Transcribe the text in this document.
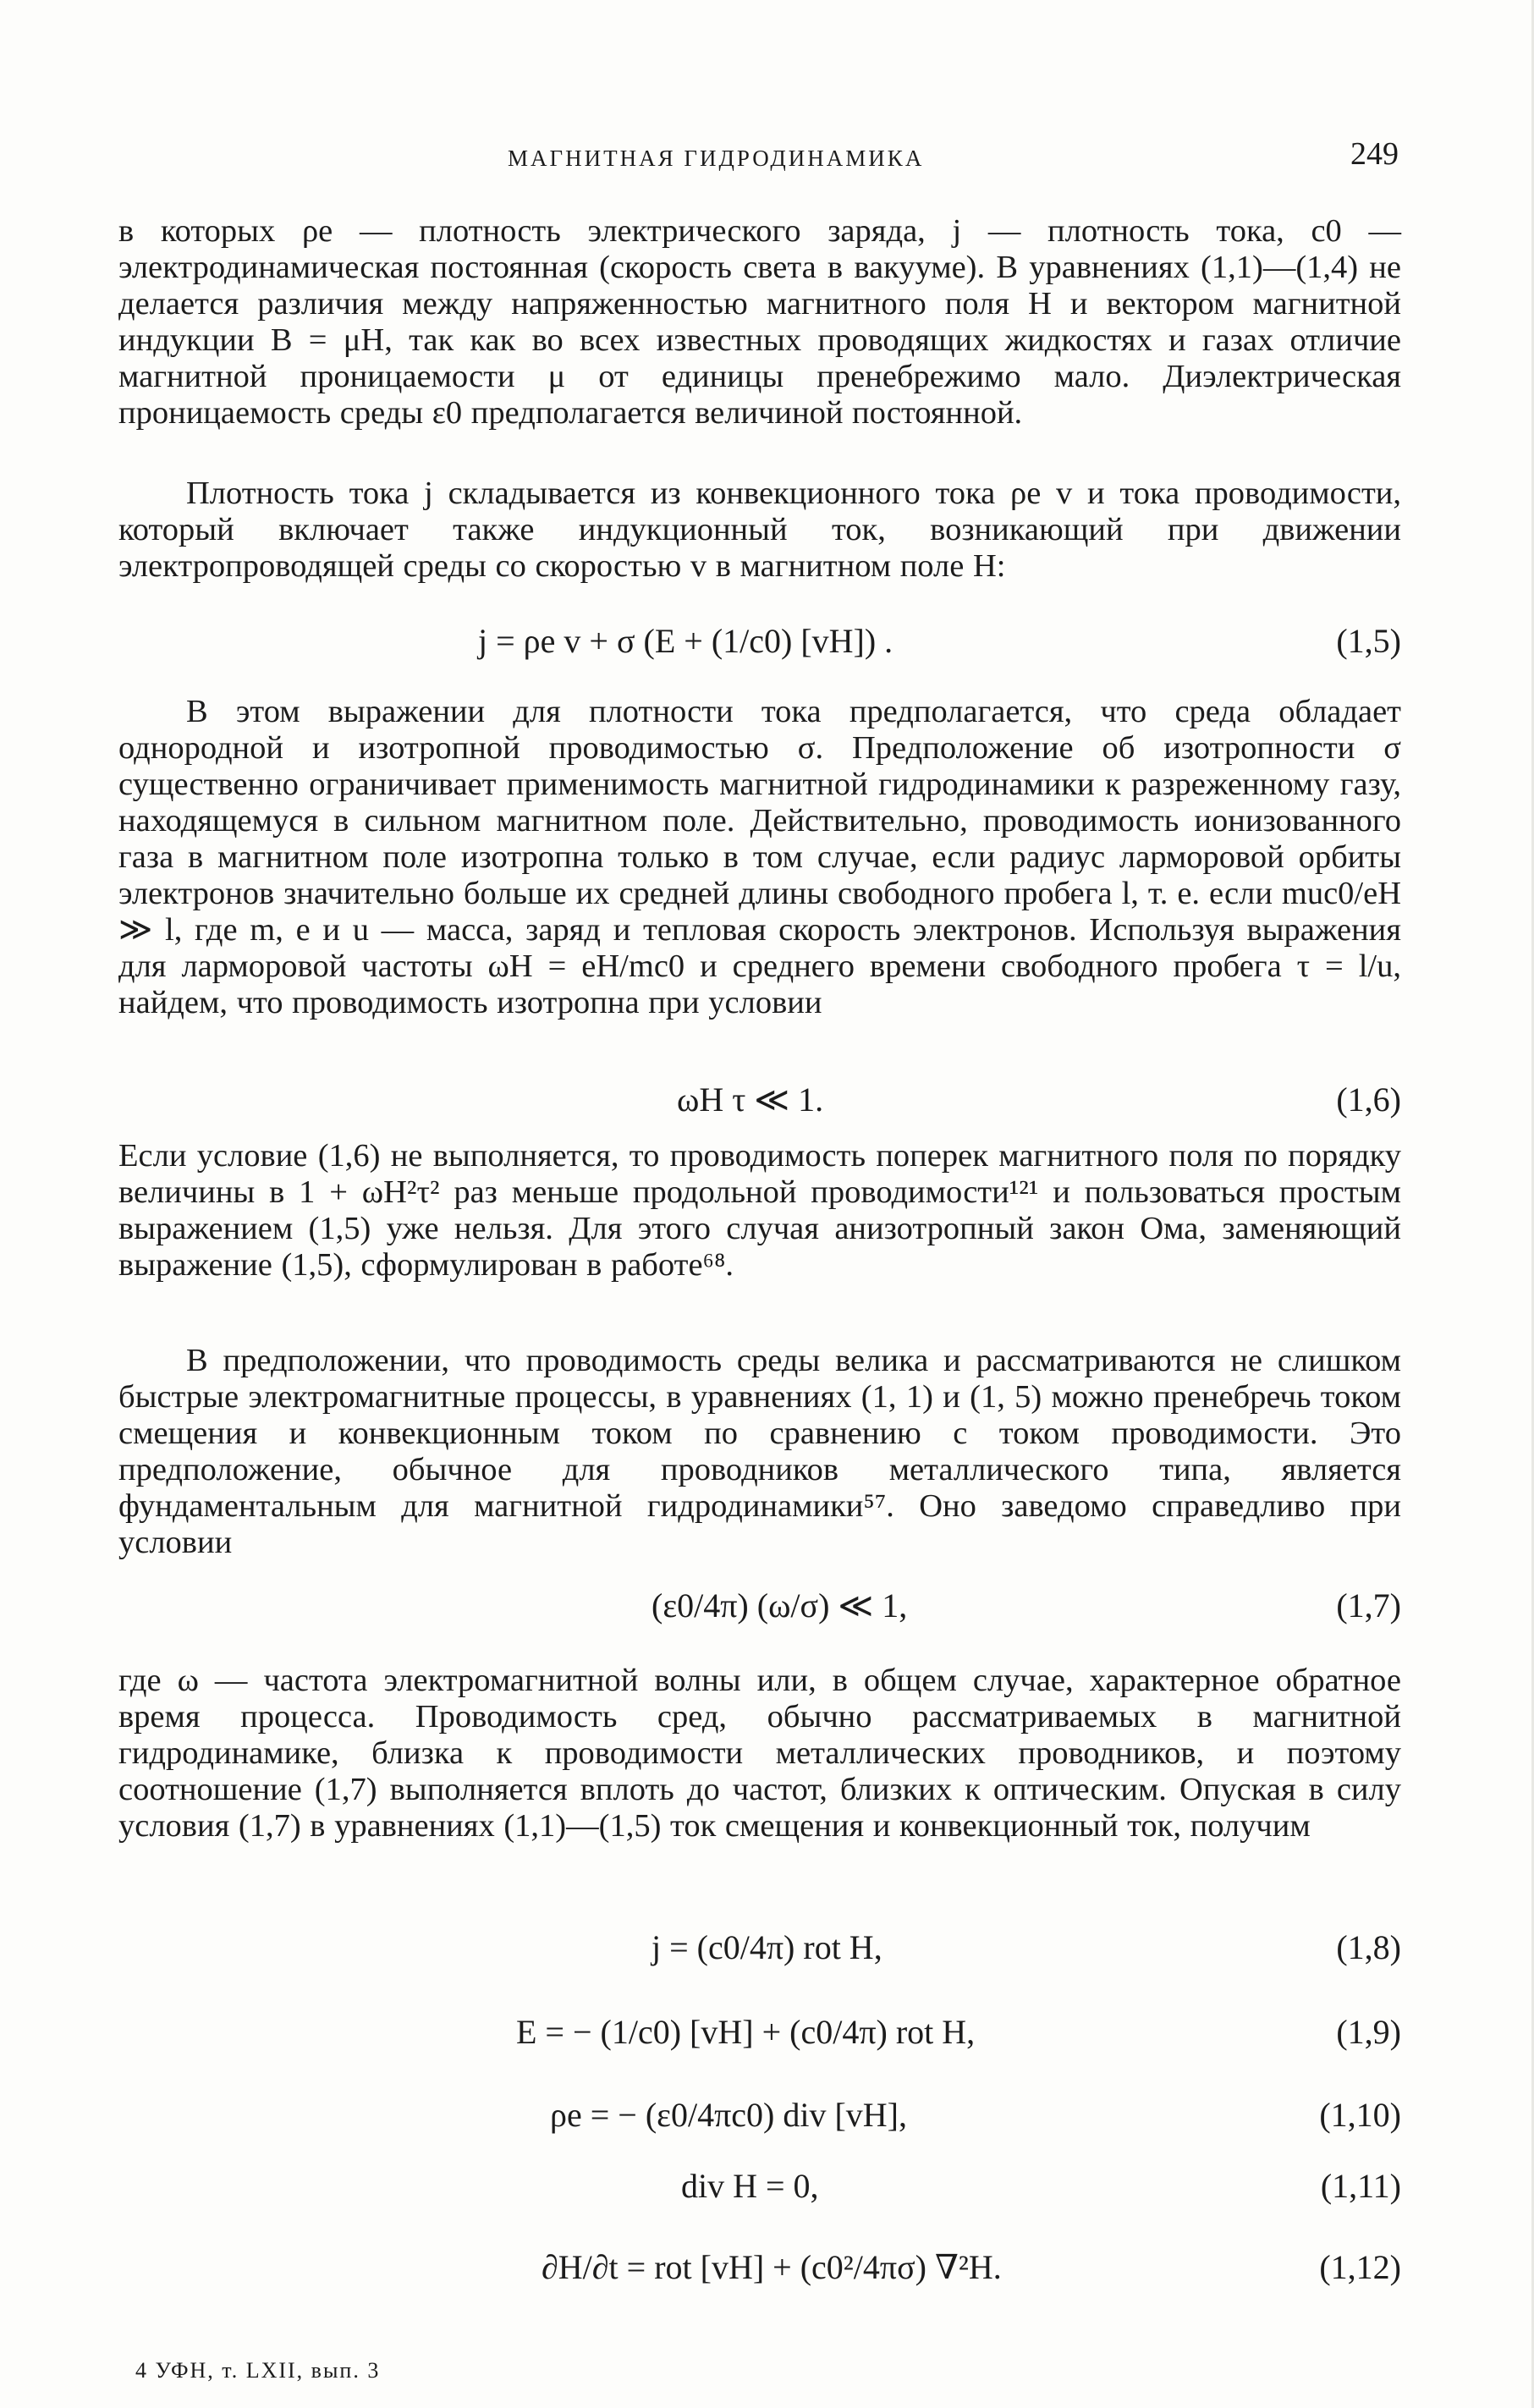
МАГНИТНАЯ ГИДРОДИНАМИКА	249

в которых ρe — плотность электрического заряда, j — плотность тока, c0 — электродинамическая постоянная (скорость света в вакууме). В уравнениях (1,1)—(1,4) не делается различия между напряженностью магнитного поля H и вектором магнитной индукции B = μH, так как во всех известных проводящих жидкостях и газах отличие магнитной проницаемости μ от единицы пренебрежимо мало. Диэлектрическая проницаемость среды ε0 предполагается величиной постоянной.

Плотность тока j складывается из конвекционного тока ρe v и тока проводимости, который включает также индукционный ток, возникающий при движении электропроводящей среды со скоростью v в магнитном поле H:

j = ρe v + σ (E + (1/c0) [vH]) .	(1,5)

В этом выражении для плотности тока предполагается, что среда обладает однородной и изотропной проводимостью σ. Предположение об изотропности σ существенно ограничивает применимость магнитной гидродинамики к разреженному газу, находящемуся в сильном магнитном поле. Действительно, проводимость ионизованного газа в магнитном поле изотропна только в том случае, если радиус ларморовой орбиты электронов значительно больше их средней длины свободного пробега l, т. е. если muc0/eH ≫ l, где m, e и u — масса, заряд и тепловая скорость электронов. Используя выражения для ларморовой частоты ωH = eH/mc0 и среднего времени свободного пробега τ = l/u, найдем, что проводимость изотропна при условии

ωH τ ≪ 1.	(1,6)

Если условие (1,6) не выполняется, то проводимость поперек магнитного поля по порядку величины в 1 + ωH²τ² раз меньше продольной проводимости¹²¹ и пользоваться простым выражением (1,5) уже нельзя. Для этого случая анизотропный закон Ома, заменяющий выражение (1,5), сформулирован в работе⁶⁸.

В предположении, что проводимость среды велика и рассматриваются не слишком быстрые электромагнитные процессы, в уравнениях (1, 1) и (1, 5) можно пренебречь током смещения и конвекционным током по сравнению с током проводимости. Это предположение, обычное для проводников металлического типа, является фундаментальным для магнитной гидродинамики⁵⁷. Оно заведомо справедливо при условии

(ε0/4π) (ω/σ) ≪ 1,	(1,7)

где ω — частота электромагнитной волны или, в общем случае, характерное обратное время процесса. Проводимость сред, обычно рассматриваемых в магнитной гидродинамике, близка к проводимости металлических проводников, и поэтому соотношение (1,7) выполняется вплоть до частот, близких к оптическим. Опуская в силу условия (1,7) в уравнениях (1,1)—(1,5) ток смещения и конвекционный ток, получим

j = (c0/4π) rot H,	(1,8)
E = − (1/c0) [vH] + (c0/4π) rot H,	(1,9)
ρe = − (ε0/4πc0) div [vH],	(1,10)
div H = 0,	(1,11)
∂H/∂t = rot [vH] + (c0²/4πσ) ∇²H.	(1,12)
4 УФН, т. LXII, вып. 3
